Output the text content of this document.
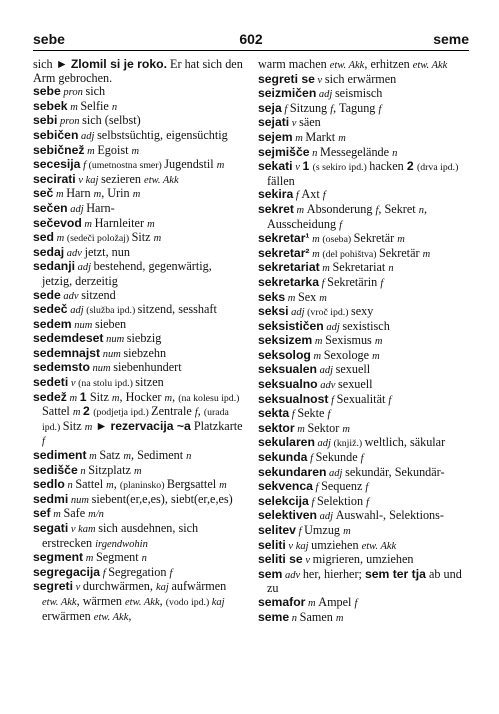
sebe	602	seme

sich ► Zlomil si je roko. Er hat sich den Arm gebrochen.

sebe pron sich

sebek m Selfie n

sebi pron sich (selbst)

sebičen adj selbstsüchtig, eigensüchtig

sebičnež m Egoist m

secesija f (umetnostna smer) Jugendstil m

secirati v kaj sezieren etw. Akk

seč m Harn m, Urin m

sečen adj Harn-

sečevod m Harnleiter m

sed m (sedeči položaj) Sitz m

sedaj adv jetzt, nun

sedanji adj bestehend, gegenwärtig, jetzig, derzeitig

sede adv sitzend

sedeč adj (služba ipd.) sitzend, sesshaft

sedem num sieben

sedemdeset num siebzig

sedemnajst num siebzehn

sedemsto num siebenhundert

sedeti v (na stolu ipd.) sitzen

sedež m 1 Sitz m, Hocker m, (na kolesu ipd.) Sattel m 2 (podjetja ipd.) Zentrale f, (urada ipd.) Sitz m ► rezervacija ~a Platzkarte f

sediment m Satz m, Sediment n

sedišče n Sitzplatz m

sedlo n Sattel m, (planinsko) Bergsattel m

sedmi num siebent(er,e,es), siebt(er,e,es)

sef m Safe m/n

segati v kam sich ausdehnen, sich erstrecken irgendwohin

segment m Segment n

segregacija f Segregation f

segreti v durchwärmen, kaj aufwärmen etw. Akk, wärmen etw. Akk, (vodo ipd.) kaj erwärmen etw. Akk,

warm machen etw. Akk, erhitzen etw. Akk

segreti se v sich erwärmen

seizmičen adj seismisch

seja f Sitzung f, Tagung f

sejati v säen

sejem m Markt m

sejmišče n Messegelände n

sekati v 1 (s sekiro ipd.) hacken 2 (drva ipd.) fällen

sekira f Axt f

sekret m Absonderung f, Sekret n, Ausscheidung f

sekretar¹ m (oseba) Sekretär m

sekretar² m (del pohištva) Sekretär m

sekretariat m Sekretariat n

sekretarka f Sekretärin f

seks m Sex m

seksi adj (vroč ipd.) sexy

seksističen adj sexistisch

seksizem m Sexismus m

seksolog m Sexologe m

seksualen adj sexuell

seksualno adv sexuell

seksualnost f Sexualität f

sekta f Sekte f

sektor m Sektor m

sekularen adj (knjiž.) weltlich, säkular

sekunda f Sekunde f

sekundaren adj sekundär, Sekundär-

sekvenca f Sequenz f

selekcija f Selektion f

selektiven adj Auswahl-, Selektions-

selitev f Umzug m

seliti v kaj umziehen etw. Akk

seliti se v migrieren, umziehen

sem adv her, hierher; sem ter tja ab und zu

semafor m Ampel f

seme n Samen m
